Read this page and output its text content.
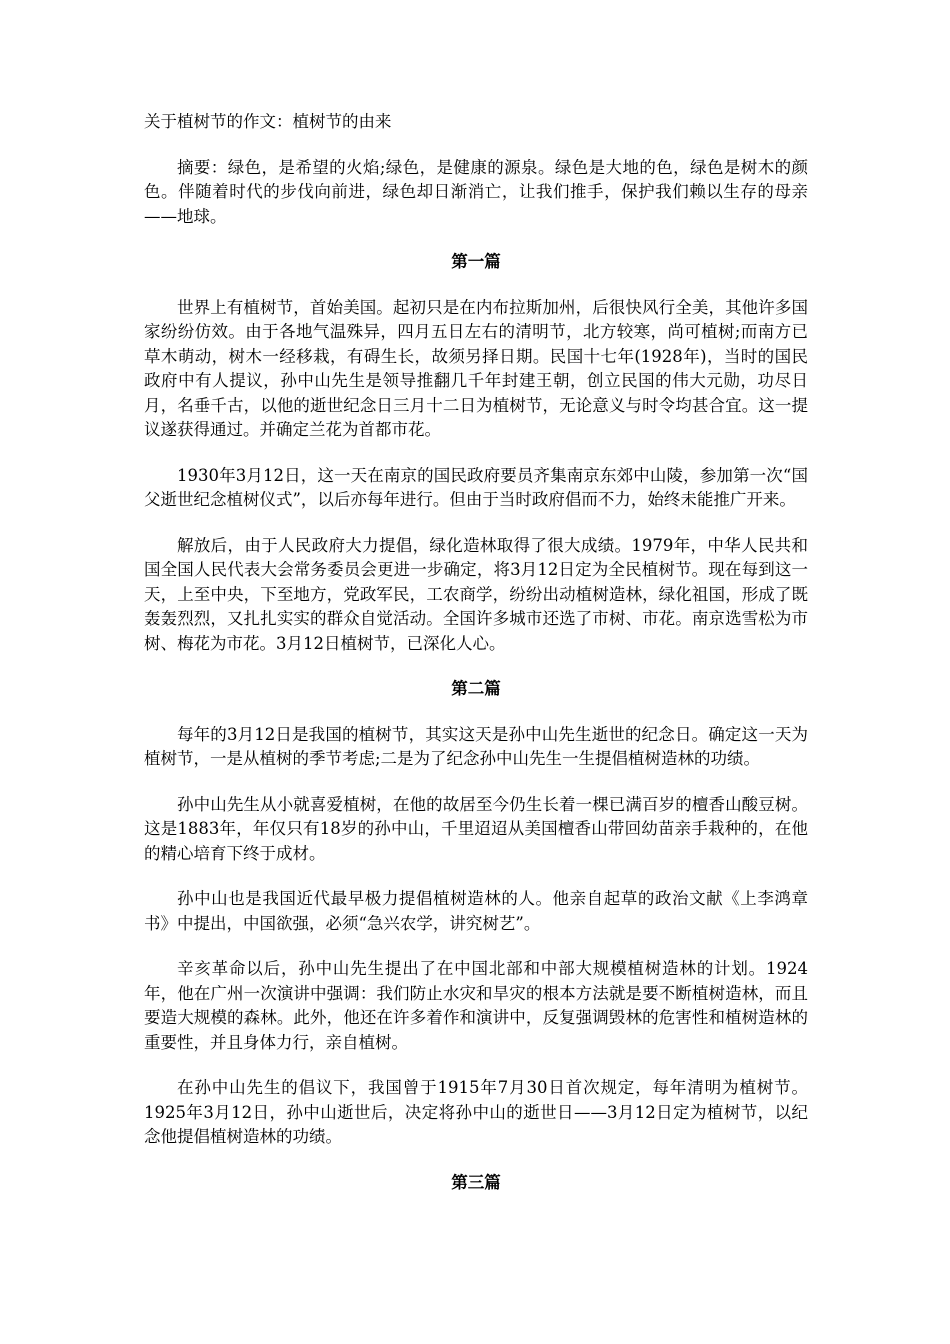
关于植树节的作文：植树节的由来

摘要：绿色，是希望的火焰;绿色，是健康的源泉。绿色是大地的色，绿色是树木的颜色。伴随着时代的步伐向前进，绿色却日渐消亡，让我们推手，保护我们赖以生存的母亲——地球。

第一篇

世界上有植树节，首始美国。起初只是在内布拉斯加州，后很快风行全美，其他许多国家纷纷仿效。由于各地气温殊异，四月五日左右的清明节，北方较寒，尚可植树;而南方已草木萌动，树木一经移栽，有碍生长，故须另择日期。民国十七年(1928年)，当时的国民政府中有人提议，孙中山先生是领导推翻几千年封建王朝，创立民国的伟大元勋，功尽日月，名垂千古，以他的逝世纪念日三月十二日为植树节，无论意义与时令均甚合宜。这一提议遂获得通过。并确定兰花为首都市花。

1930年3月12日，这一天在南京的国民政府要员齐集南京东郊中山陵，参加第一次“国父逝世纪念植树仪式”，以后亦每年进行。但由于当时政府倡而不力，始终未能推广开来。

解放后，由于人民政府大力提倡，绿化造林取得了很大成绩。1979年，中华人民共和国全国人民代表大会常务委员会更进一步确定，将3月12日定为全民植树节。现在每到这一天，上至中央，下至地方，党政军民，工农商学，纷纷出动植树造林，绿化祖国，形成了既轰轰烈烈，又扎扎实实的群众自觉活动。全国许多城市还选了市树、市花。南京选雪松为市树、梅花为市花。3月12日植树节，已深化人心。

第二篇

每年的3月12日是我国的植树节，其实这天是孙中山先生逝世的纪念日。确定这一天为植树节，一是从植树的季节考虑;二是为了纪念孙中山先生一生提倡植树造林的功绩。

孙中山先生从小就喜爱植树，在他的故居至今仍生长着一棵已满百岁的檀香山酸豆树。这是1883年，年仅只有18岁的孙中山，千里迢迢从美国檀香山带回幼苗亲手栽种的，在他的精心培育下终于成材。

孙中山也是我国近代最早极力提倡植树造林的人。他亲自起草的政治文献《上李鸿章书》中提出，中国欲强，必须“急兴农学，讲究树艺”。

辛亥革命以后，孙中山先生提出了在中国北部和中部大规模植树造林的计划。1924年，他在广州一次演讲中强调：我们防止水灾和旱灾的根本方法就是要不断植树造林，而且要造大规模的森林。此外，他还在许多着作和演讲中，反复强调毁林的危害性和植树造林的重要性，并且身体力行，亲自植树。

在孙中山先生的倡议下，我国曾于1915年7月30日首次规定，每年清明为植树节。1925年3月12日，孙中山逝世后，决定将孙中山的逝世日——3月12日定为植树节，以纪念他提倡植树造林的功绩。

第三篇
